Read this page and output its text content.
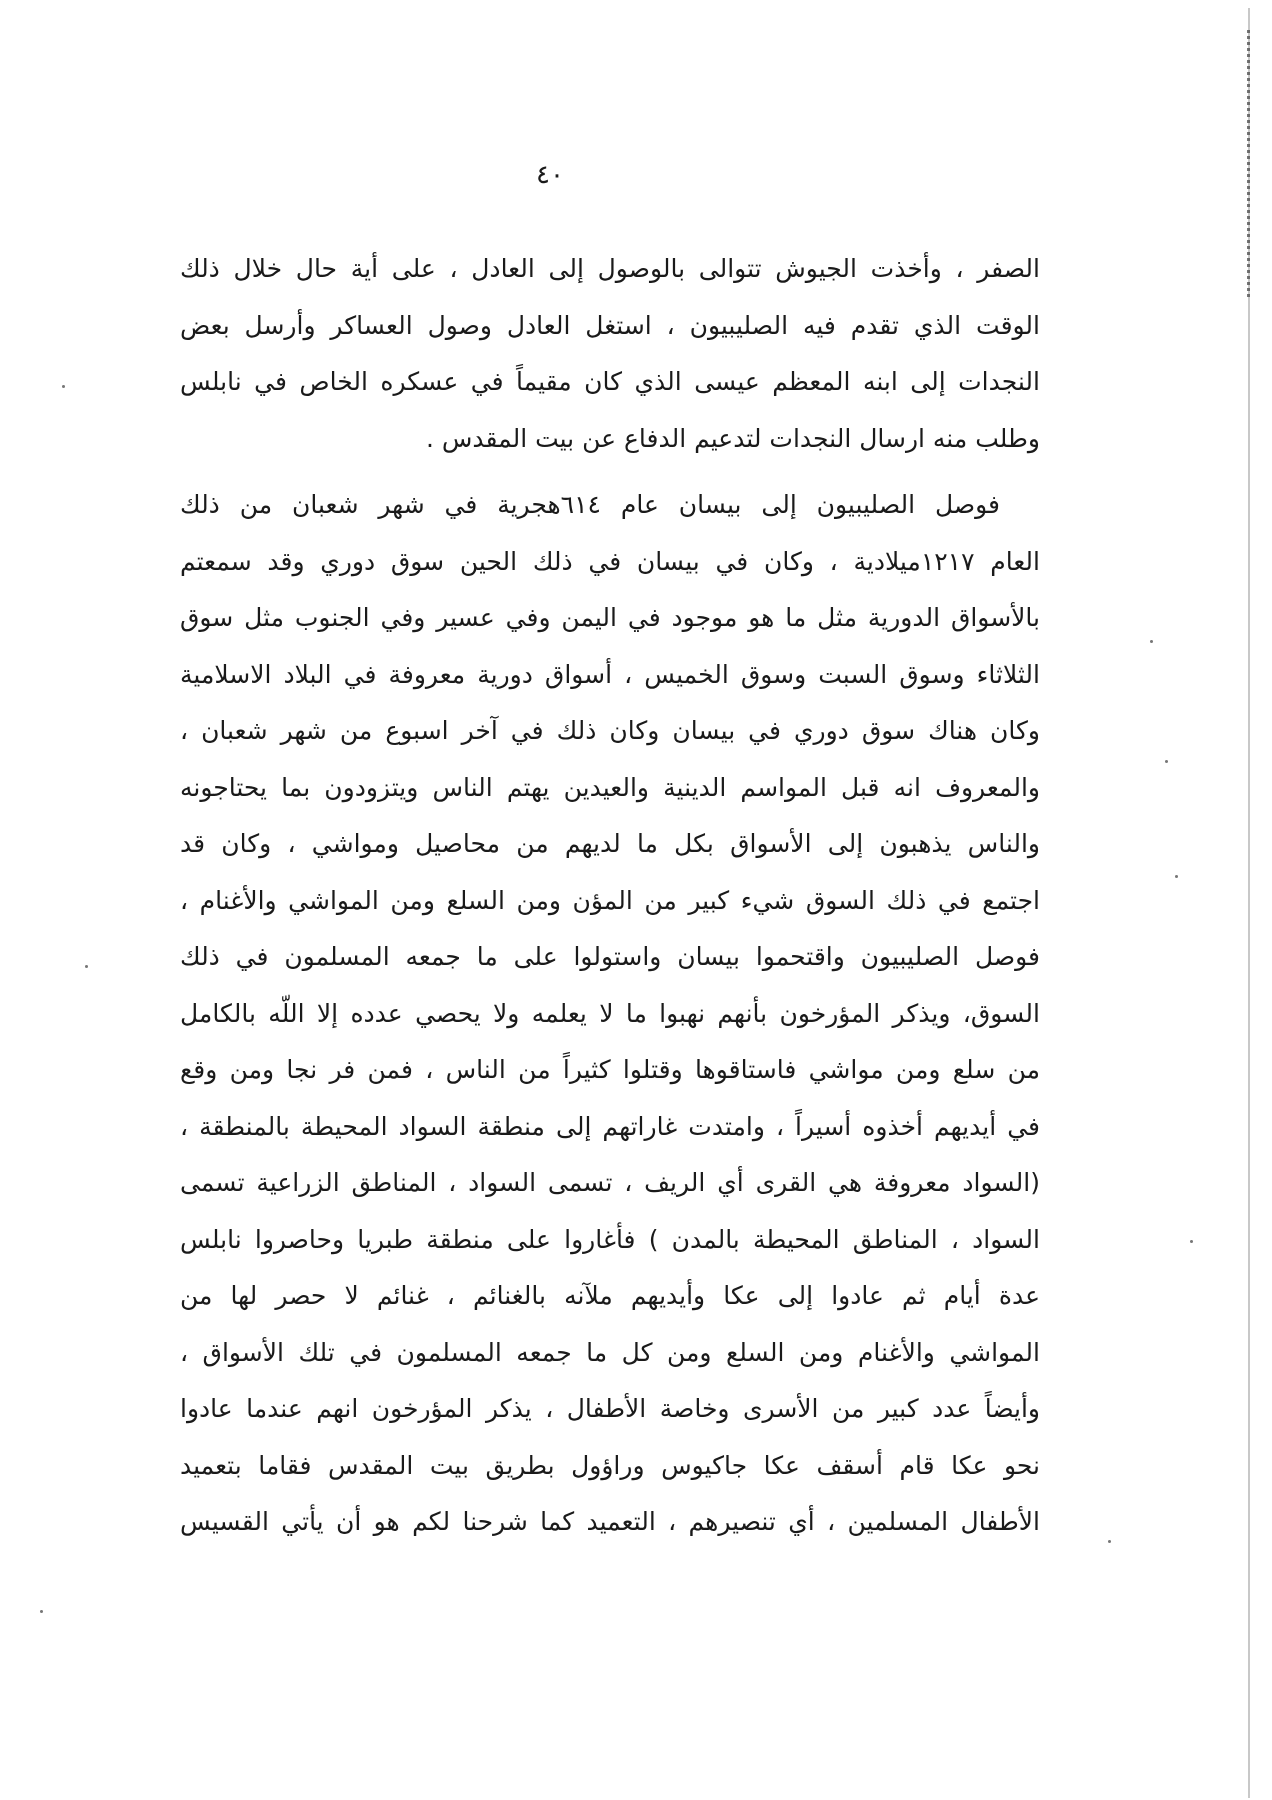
٤٠
الصفر ، وأخذت الجيوش تتوالى بالوصول إلى العادل ، على أية حال خلال ذلك
الوقت الذي تقدم فيه الصليبيون ، استغل العادل وصول العساكر وأرسل بعض
النجدات إلى ابنه المعظم عيسى الذي كان مقيماً في عسكره الخاص في نابلس
وطلب منه ارسال النجدات لتدعيم الدفاع عن بيت المقدس .
فوصل الصليبيون إلى بيسان عام ٦١٤هجرية في شهر شعبان من ذلك
العام ١٢١٧ميلادية ، وكان في بيسان في ذلك الحين سوق دوري وقد سمعتم
بالأسواق الدورية مثل ما هو موجود في اليمن وفي عسير وفي الجنوب مثل سوق
الثلاثاء وسوق السبت وسوق الخميس ، أسواق دورية معروفة في البلاد الاسلامية
وكان هناك سوق دوري في بيسان وكان ذلك في آخر اسبوع من شهر شعبان ،
والمعروف انه قبل المواسم الدينية والعيدين يهتم الناس ويتزودون بما يحتاجونه
والناس يذهبون إلى الأسواق بكل ما لديهم من محاصيل ومواشي ، وكان قد
اجتمع في ذلك السوق شيء كبير من المؤن ومن السلع ومن المواشي والأغنام ،
فوصل الصليبيون واقتحموا بيسان واستولوا على ما جمعه المسلمون في ذلك
السوق، ويذكر المؤرخون بأنهم نهبوا ما لا يعلمه ولا يحصي عدده إلا اللّه بالكامل
من سلع ومن مواشي فاستاقوها وقتلوا كثيراً من الناس ، فمن فر نجا ومن وقع
في أيديهم أخذوه أسيراً ، وامتدت غاراتهم إلى منطقة السواد المحيطة بالمنطقة ،
(السواد معروفة هي القرى أي الريف ، تسمى السواد ، المناطق الزراعية تسمى
السواد ، المناطق المحيطة بالمدن ) فأغاروا على منطقة طبريا وحاصروا نابلس
عدة أيام ثم عادوا إلى عكا وأيديهم ملآنه بالغنائم ، غنائم لا حصر لها من
المواشي والأغنام ومن السلع ومن كل ما جمعه المسلمون في تلك الأسواق ،
وأيضاً عدد كبير من الأسرى وخاصة الأطفال ، يذكر المؤرخون انهم عندما عادوا
نحو عكا قام أسقف عكا جاكيوس وراؤول بطريق بيت المقدس فقاما بتعميد
الأطفال المسلمين ، أي تنصيرهم ، التعميد كما شرحنا لكم هو أن يأتي القسيس
